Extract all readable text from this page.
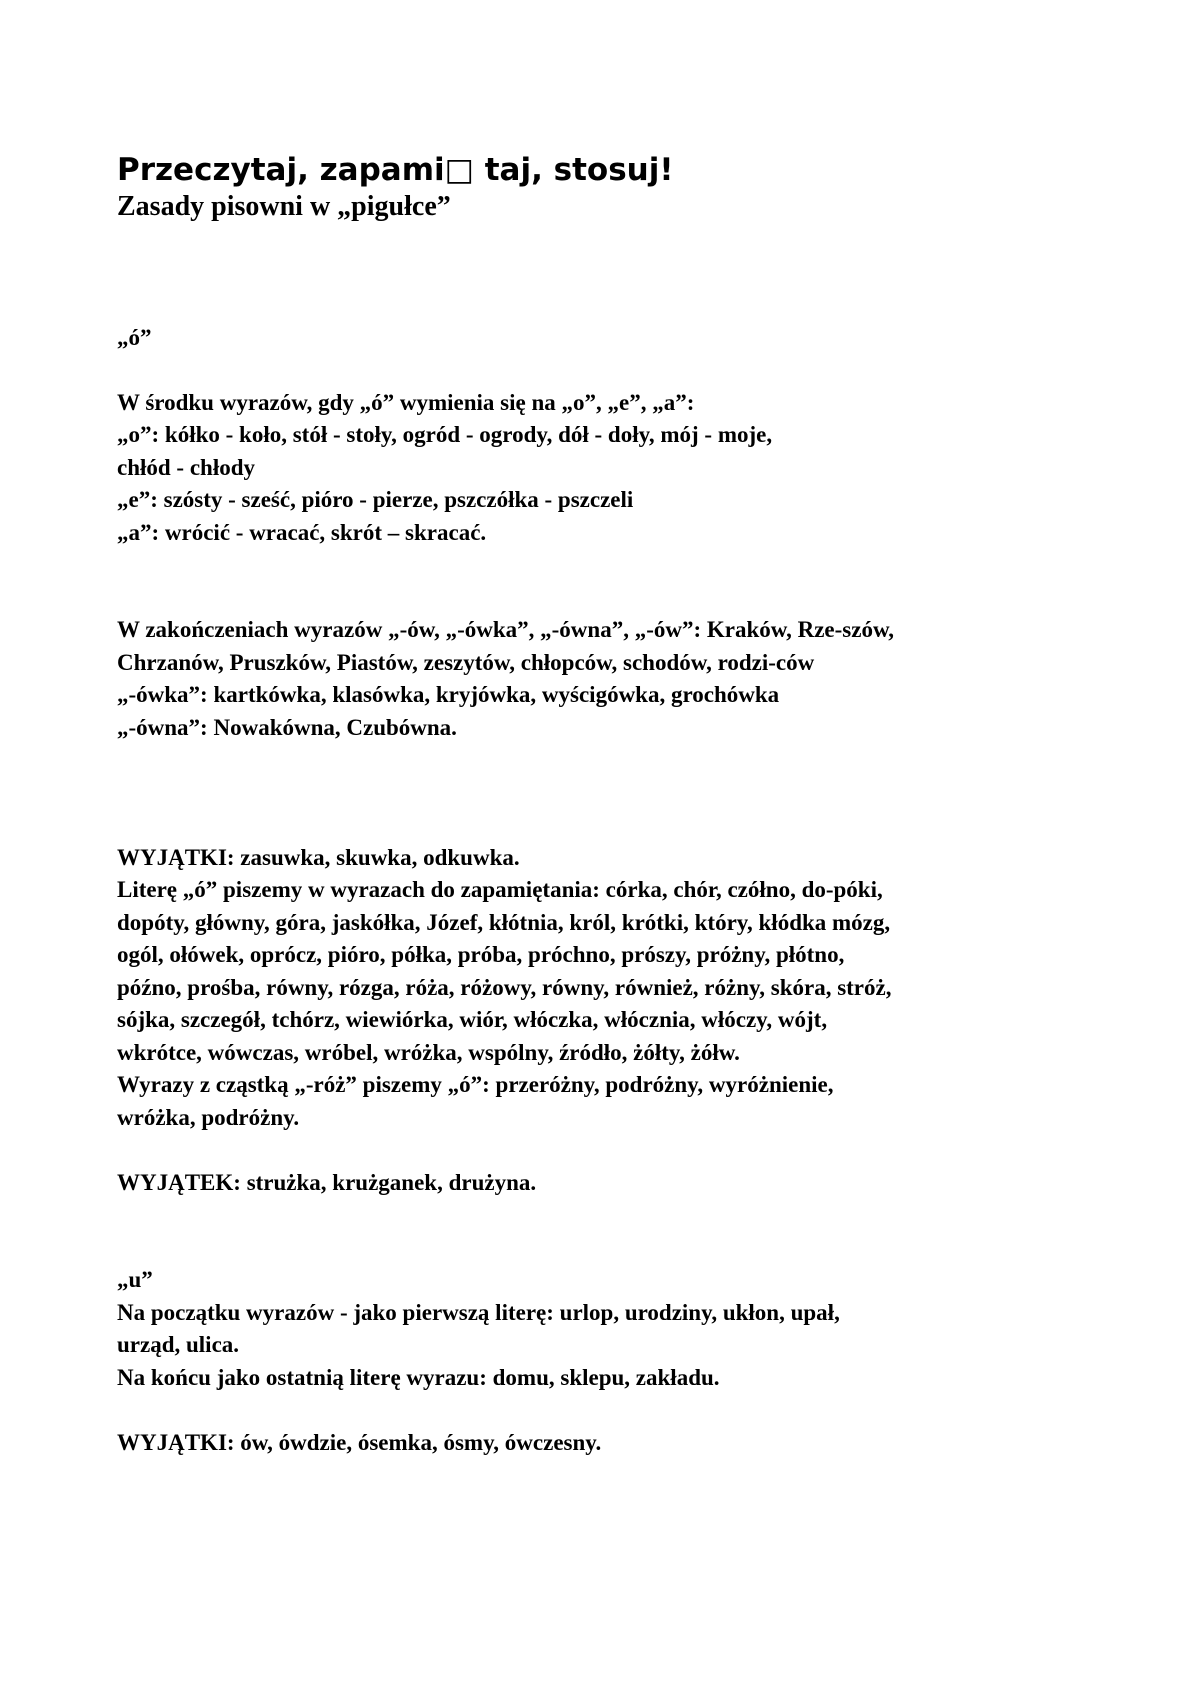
Przeczytaj, zapami□ taj, stosuj!
Zasady pisowni w „pigułce”
„ó”
W środku wyrazów, gdy „ó” wymienia się na „o”, „e”, „a”:
„o”: kółko - koło, stół - stoły, ogród - ogrody, dół - doły, mój - moje,
chłód - chłody
„e”: szósty - sześć, pióro - pierze, pszczółka - pszczeli
„a”: wrócić - wracać, skrót – skracać.
W zakończeniach wyrazów „-ów, „-ówka”, „-ówna”, „-ów”: Kraków, Rze-szów,
Chrzanów, Pruszków, Piastów, zeszytów, chłopców, schodów, rodzi-ców
„-ówka”: kartkówka, klasówka, kryjówka, wyścigówka, grochówka
„-ówna”: Nowakówna, Czubówna.
WYJĄTKI: zasuwka, skuwka, odkuwka.
Literę „ó” piszemy w wyrazach do zapamiętania: córka, chór, czółno, do-póki,
dopóty, główny, góra, jaskółka, Józef, kłótnia, król, krótki, który, kłódka mózg,
ogól, ołówek, oprócz, pióro, półka, próba, próchno, prószy, próżny, płótno,
późno, prośba, równy, rózga, róża, różowy, równy, również, różny, skóra, stróż,
sójka, szczegół, tchórz, wiewiórka, wiór, włóczka, włócznia, włóczy, wójt,
wkrótce, wówczas, wróbel, wróżka, wspólny, źródło, żółty, żółw.
Wyrazy z cząstką „-róż” piszemy „ó”: przeróżny, podróżny, wyróżnienie,
wróżka, podróżny.
WYJĄTEK: strużka, krużganek, drużyna.
„u”
Na początku wyrazów - jako pierwszą literę: urlop, urodziny, ukłon, upał,
urząd, ulica.
Na końcu jako ostatnią literę wyrazu: domu, sklepu, zakładu.
WYJĄTKI: ów, ówdzie, ósemka, ósmy, ówczesny.
